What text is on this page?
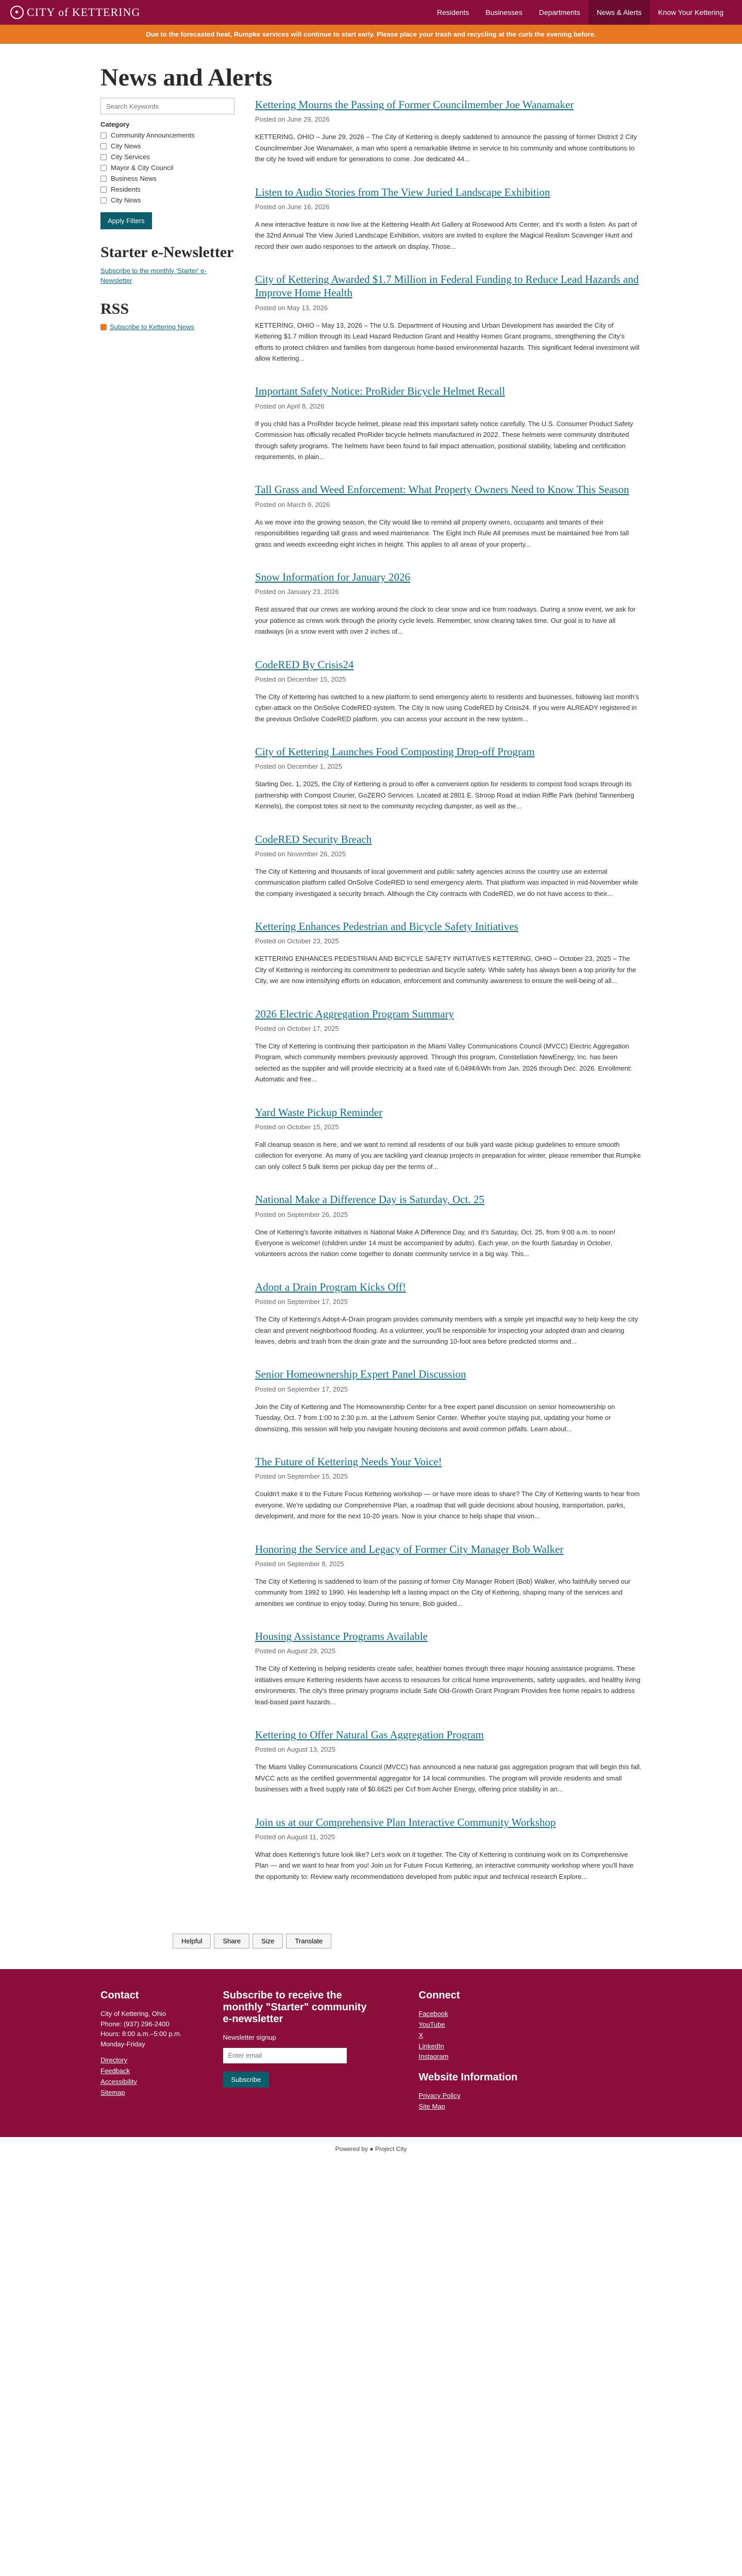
✦ CITY of KETTERING	Residents	Businesses	Departments	News & Alerts	Know Your Kettering
Due to the forecasted heat, Rumpke services will continue to start early. Please place your trash and recycling at the curb the evening before.
News and Alerts
Search Keywords
Category
Community Announcements
City News
City Services
Mayor & City Council
Business News
Residents
City News
Apply Filters
Starter e-Newsletter
Subscribe to the monthly 'Starter' e-Newsletter
RSS
Subscribe to Kettering News
Kettering Mourns the Passing of Former Councilmember Joe Wanamaker
Posted on June 29, 2026

KETTERING, OHIO – June 29, 2026 – The City of Kettering is deeply saddened to announce the passing of former District 2 City Councilmember Joe Wanamaker, a man who spent a remarkable lifetime in service to his community and whose contributions to the city he loved will endure for generations to come. Joe dedicated 44...

Listen to Audio Stories from The View Juried Landscape Exhibition
Posted on June 16, 2026

A new interactive feature is now live at the Kettering Health Art Gallery at Rosewood Arts Center, and it's worth a listen. As part of the 32nd Annual The View Juried Landscape Exhibition, visitors are invited to explore the Magical Realism Scavenger Hunt and record their own audio responses to the artwork on display. Those...

City of Kettering Awarded $1.7 Million in Federal Funding to Reduce Lead Hazards and Improve Home Health
Posted on May 13, 2026

KETTERING, OHIO – May 13, 2026 – The U.S. Department of Housing and Urban Development has awarded the City of Kettering $1.7 million through its Lead Hazard Reduction Grant and Healthy Homes Grant programs, strengthening the City's efforts to protect children and families from dangerous home-based environmental hazards. This significant federal investment will allow Kettering...

Important Safety Notice: ProRider Bicycle Helmet Recall
Posted on April 8, 2026

If you child has a ProRider bicycle helmet, please read this important safety notice carefully. The U.S. Consumer Product Safety Commission has officially recalled ProRider bicycle helmets manufactured in 2022. These helmets were community distributed through safety programs. The helmets have been found to fail impact attenuation, positional stability, labeling and certification requirements, in plain...

Tall Grass and Weed Enforcement: What Property Owners Need to Know This Season
Posted on March 9, 2026

As we move into the growing season, the City would like to remind all property owners, occupants and tenants of their responsibilities regarding tall grass and weed maintenance. The Eight Inch Rule All premises must be maintained free from tall grass and weeds exceeding eight inches in height. This applies to all areas of your property...

Snow Information for January 2026
Posted on January 23, 2026

Rest assured that our crews are working around the clock to clear snow and ice from roadways. During a snow event, we ask for your patience as crews work through the priority cycle levels. Remember, snow clearing takes time. Our goal is to have all roadways (in a snow event with over 2 inches of...

CodeRED By Crisis24
Posted on December 15, 2025

The City of Kettering has switched to a new platform to send emergency alerts to residents and businesses, following last month's cyber-attack on the OnSolve CodeRED system. The City is now using CodeRED by Crisis24. If you were ALREADY registered in the previous OnSolve CodeRED platform, you can access your account in the new system...

City of Kettering Launches Food Composting Drop-off Program
Posted on December 1, 2025

Starting Dec. 1, 2025, the City of Kettering is proud to offer a convenient option for residents to compost food scraps through its partnership with Compost Courier, GoZERO Services. Located at 2801 E. Stroop Road at Indian Riffle Park (behind Tannenberg Kennels), the compost totes sit next to the community recycling dumpster, as well as the...

CodeRED Security Breach
Posted on November 26, 2025

The City of Kettering and thousands of local government and public safety agencies across the country use an external communication platform called OnSolve CodeRED to send emergency alerts. That platform was impacted in mid-November while the company investigated a security breach. Although the City contracts with CodeRED, we do not have access to their...

Kettering Enhances Pedestrian and Bicycle Safety Initiatives
Posted on October 23, 2025

KETTERING ENHANCES PEDESTRIAN AND BICYCLE SAFETY INITIATIVES KETTERING, OHIO – October 23, 2025 – The City of Kettering is reinforcing its commitment to pedestrian and bicycle safety. While safety has always been a top priority for the City, we are now intensifying efforts on education, enforcement and community awareness to ensure the well-being of all...

2026 Electric Aggregation Program Summary
Posted on October 17, 2025

The City of Kettering is continuing their participation in the Miami Valley Communications Council (MVCC) Electric Aggregation Program, which community members previously approved. Through this program, Constellation NewEnergy, Inc. has been selected as the supplier and will provide electricity at a fixed rate of 6.049¢/kWh from Jan. 2026 through Dec. 2026. Enrollment: Automatic and free...

Yard Waste Pickup Reminder
Posted on October 15, 2025

Fall cleanup season is here, and we want to remind all residents of our bulk yard waste pickup guidelines to ensure smooth collection for everyone. As many of you are tackling yard cleanup projects in preparation for winter, please remember that Rumpke can only collect 5 bulk items per pickup day per the terms of...

National Make a Difference Day is Saturday, Oct. 25
Posted on September 26, 2025

One of Kettering's favorite initiatives is National Make A Difference Day, and it's Saturday, Oct. 25, from 9:00 a.m. to noon! Everyone is welcome! (children under 14 must be accompanied by adults). Each year, on the fourth Saturday in October, volunteers across the nation come together to donate community service in a big way. This...

Adopt a Drain Program Kicks Off!
Posted on September 17, 2025

The City of Kettering's Adopt-A-Drain program provides community members with a simple yet impactful way to help keep the city clean and prevent neighborhood flooding. As a volunteer, you'll be responsible for inspecting your adopted drain and clearing leaves, debris and trash from the drain grate and the surrounding 10-foot area before predicted storms and...

Senior Homeownership Expert Panel Discussion
Posted on September 17, 2025

Join the City of Kettering and The Homeownership Center for a free expert panel discussion on senior homeownership on Tuesday, Oct. 7 from 1:00 to 2:30 p.m. at the Lathrem Senior Center. Whether you're staying put, updating your home or downsizing, this session will help you navigate housing decisions and avoid common pitfalls. Learn about...

The Future of Kettering Needs Your Voice!
Posted on September 15, 2025

Couldn't make it to the Future Focus Kettering workshop — or have more ideas to share? The City of Kettering wants to hear from everyone. We're updating our Comprehensive Plan, a roadmap that will guide decisions about housing, transportation, parks, development, and more for the next 10-20 years. Now is your chance to help shape that vision...

Honoring the Service and Legacy of Former City Manager Bob Walker
Posted on September 8, 2025

The City of Kettering is saddened to learn of the passing of former City Manager Robert (Bob) Walker, who faithfully served our community from 1992 to 1990. His leadership left a lasting impact on the City of Kettering, shaping many of the services and amenities we continue to enjoy today. During his tenure, Bob guided...

Housing Assistance Programs Available
Posted on August 29, 2025

The City of Kettering is helping residents create safer, healthier homes through three major housing assistance programs. These initiatives ensure Kettering residents have access to resources for critical home improvements, safety upgrades, and healthy living environments. The city's three primary programs include Safe Old-Growth Grant Program Provides free home repairs to address lead-based paint hazards...

Kettering to Offer Natural Gas Aggregation Program
Posted on August 13, 2025

The Miami Valley Communications Council (MVCC) has announced a new natural gas aggregation program that will begin this fall. MVCC acts as the certified governmental aggregator for 14 local communities. The program will provide residents and small businesses with a fixed supply rate of $0.6625 per Ccf from Archer Energy, offering price stability in an...

Join us at our Comprehensive Plan Interactive Community Workshop
Posted on August 11, 2025

What does Kettering's future look like? Let's work on it together. The City of Kettering is continuing work on its Comprehensive Plan — and we want to hear from you! Join us for Future Focus Kettering, an interactive community workshop where you'll have the opportunity to: Review early recommendations developed from public input and technical research Explore...

Helpful	Share	Size	Translate
Contact

City of Kettering, Ohio

Phone: (937) 296-2400

Hours: 8:00 a.m.–5:00 p.m.

Monday-Friday

Directory
Feedback
Accessibility
Sitemap
Subscribe to receive the monthly "Starter" community e-newsletter

Newsletter signup

Enter email
Subscribe
Connect
Facebook
YouTube
X
LinkedIn
Instagram
Website Information
Privacy Policy
Site Map
Powered by ● Project City
